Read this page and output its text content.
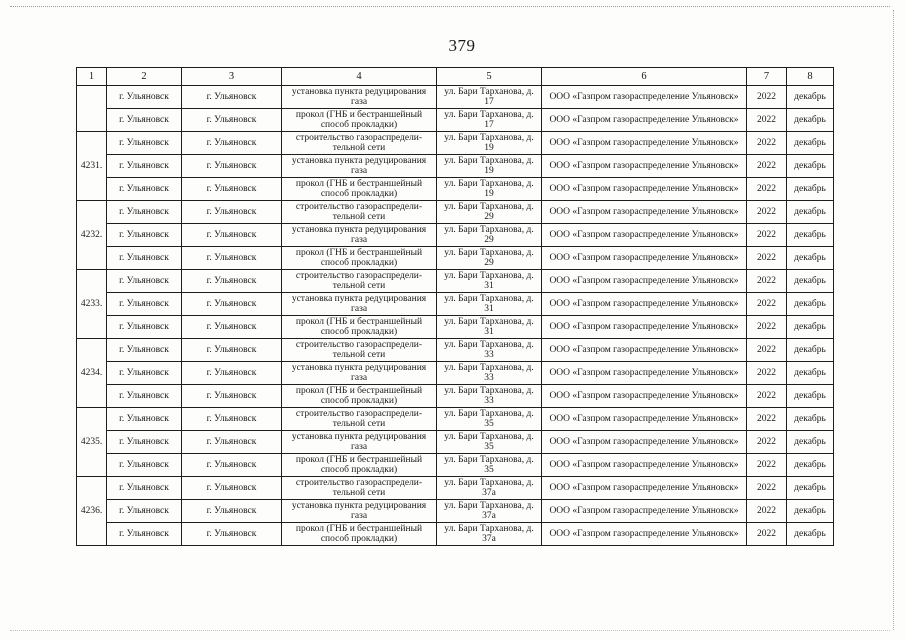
379
1	2	3	4	5	6	7	8
	г. Ульяновск	г. Ульяновск	установка пункта редуцирования газа	ул. Бари Тарханова, д. 17	ООО «Газпром газораспределение Ульяновск»	2022	декабрь
	г. Ульяновск	г. Ульяновск	прокол (ГНБ и бестраншейный способ прокладки)	ул. Бари Тарханова, д. 17	ООО «Газпром газораспределение Ульяновск»	2022	декабрь
4231.	г. Ульяновск	г. Ульяновск	строительство газораспредели-тельной сети	ул. Бари Тарханова, д. 19	ООО «Газпром газораспределение Ульяновск»	2022	декабрь
	г. Ульяновск	г. Ульяновск	установка пункта редуцирования газа	ул. Бари Тарханова, д. 19	ООО «Газпром газораспределение Ульяновск»	2022	декабрь
	г. Ульяновск	г. Ульяновск	прокол (ГНБ и бестраншейный способ прокладки)	ул. Бари Тарханова, д. 19	ООО «Газпром газораспределение Ульяновск»	2022	декабрь
4232.	г. Ульяновск	г. Ульяновск	строительство газораспредели-тельной сети	ул. Бари Тарханова, д. 29	ООО «Газпром газораспределение Ульяновск»	2022	декабрь
	г. Ульяновск	г. Ульяновск	установка пункта редуцирования газа	ул. Бари Тарханова, д. 29	ООО «Газпром газораспределение Ульяновск»	2022	декабрь
	г. Ульяновск	г. Ульяновск	прокол (ГНБ и бестраншейный способ прокладки)	ул. Бари Тарханова, д. 29	ООО «Газпром газораспределение Ульяновск»	2022	декабрь
4233.	г. Ульяновск	г. Ульяновск	строительство газораспредели-тельной сети	ул. Бари Тарханова, д. 31	ООО «Газпром газораспределение Ульяновск»	2022	декабрь
	г. Ульяновск	г. Ульяновск	установка пункта редуцирования газа	ул. Бари Тарханова, д. 31	ООО «Газпром газораспределение Ульяновск»	2022	декабрь
	г. Ульяновск	г. Ульяновск	прокол (ГНБ и бестраншейный способ прокладки)	ул. Бари Тарханова, д. 31	ООО «Газпром газораспределение Ульяновск»	2022	декабрь
4234.	г. Ульяновск	г. Ульяновск	строительство газораспредели-тельной сети	ул. Бари Тарханова, д. 33	ООО «Газпром газораспределение Ульяновск»	2022	декабрь
	г. Ульяновск	г. Ульяновск	установка пункта редуцирования газа	ул. Бари Тарханова, д. 33	ООО «Газпром газораспределение Ульяновск»	2022	декабрь
	г. Ульяновск	г. Ульяновск	прокол (ГНБ и бестраншейный способ прокладки)	ул. Бари Тарханова, д. 33	ООО «Газпром газораспределение Ульяновск»	2022	декабрь
4235.	г. Ульяновск	г. Ульяновск	строительство газораспредели-тельной сети	ул. Бари Тарханова, д. 35	ООО «Газпром газораспределение Ульяновск»	2022	декабрь
	г. Ульяновск	г. Ульяновск	установка пункта редуцирования газа	ул. Бари Тарханова, д. 35	ООО «Газпром газораспределение Ульяновск»	2022	декабрь
	г. Ульяновск	г. Ульяновск	прокол (ГНБ и бестраншейный способ прокладки)	ул. Бари Тарханова, д. 35	ООО «Газпром газораспределение Ульяновск»	2022	декабрь
4236.	г. Ульяновск	г. Ульяновск	строительство газораспредели-тельной сети	ул. Бари Тарханова, д. 37а	ООО «Газпром газораспределение Ульяновск»	2022	декабрь
	г. Ульяновск	г. Ульяновск	установка пункта редуцирования газа	ул. Бари Тарханова, д. 37а	ООО «Газпром газораспределение Ульяновск»	2022	декабрь
	г. Ульяновск	г. Ульяновск	прокол (ГНБ и бестраншейный способ прокладки)	ул. Бари Тарханова, д. 37а	ООО «Газпром газораспределение Ульяновск»	2022	декабрь
